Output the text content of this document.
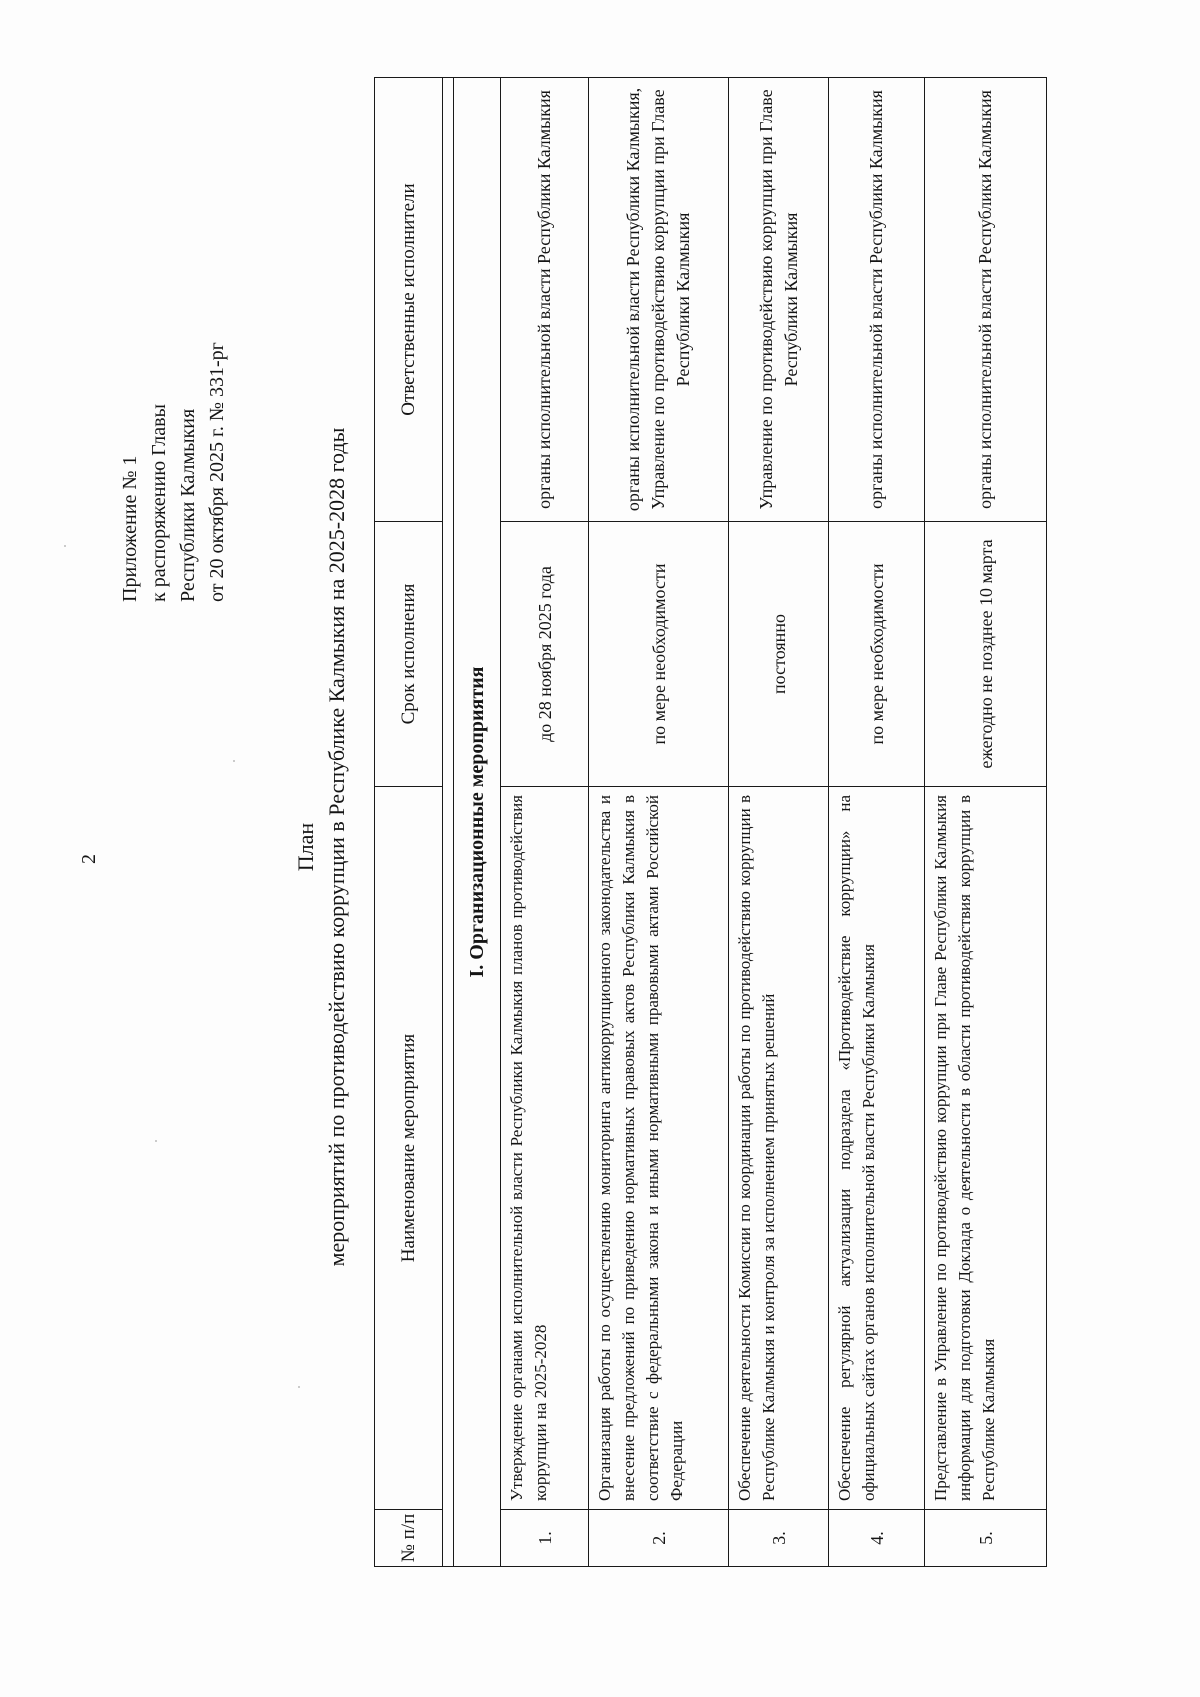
2
Приложение № 1 к распоряжению Главы Республики Калмыкия от 20 октября 2025 г. № 331-рг
План мероприятий по противодействию коррупции в Республике Калмыкия на 2025-2028 годы
№ п/п	Наименование мероприятия	Срок исполнения	Ответственные исполнители

I. Организационные мероприятия			
1.	Утверждение органами исполнительной власти Республики Калмыкия планов противодействия коррупции на 2025-2028	до 28 ноября 2025 года	органы исполнительной власти Республики Калмыкия
2.	Организация работы по осуществлению мониторинга антикоррупционного законодательства и внесение предложений по приведению нормативных правовых актов Республики Калмыкия в соответствие с федеральными закона и иными нормативными правовыми актами Российской Федерации	по мере необходимости	органы исполнительной власти Республики Калмыкия, Управление по противодействию коррупции при Главе Республики Калмыкия
3.	Обеспечение деятельности Комиссии по координации работы по противодействию коррупции в Республике Калмыкия и контроля за исполнением принятых решений	постоянно	Управление по противодействию коррупции при Главе Республики Калмыкия
4.	Обеспечение регулярной актуализации подраздела «Противодействие коррупции» на официальных сайтах органов исполнительной власти Республики Калмыкия	по мере необходимости	органы исполнительной власти Республики Калмыкия
5.	Представление в Управление по противодействию коррупции при Главе Республики Калмыкия информации для подготовки Доклада о деятельности в области противодействия коррупции в Республике Калмыкия	ежегодно не позднее 10 марта	органы исполнительной власти Республики Калмыкия
